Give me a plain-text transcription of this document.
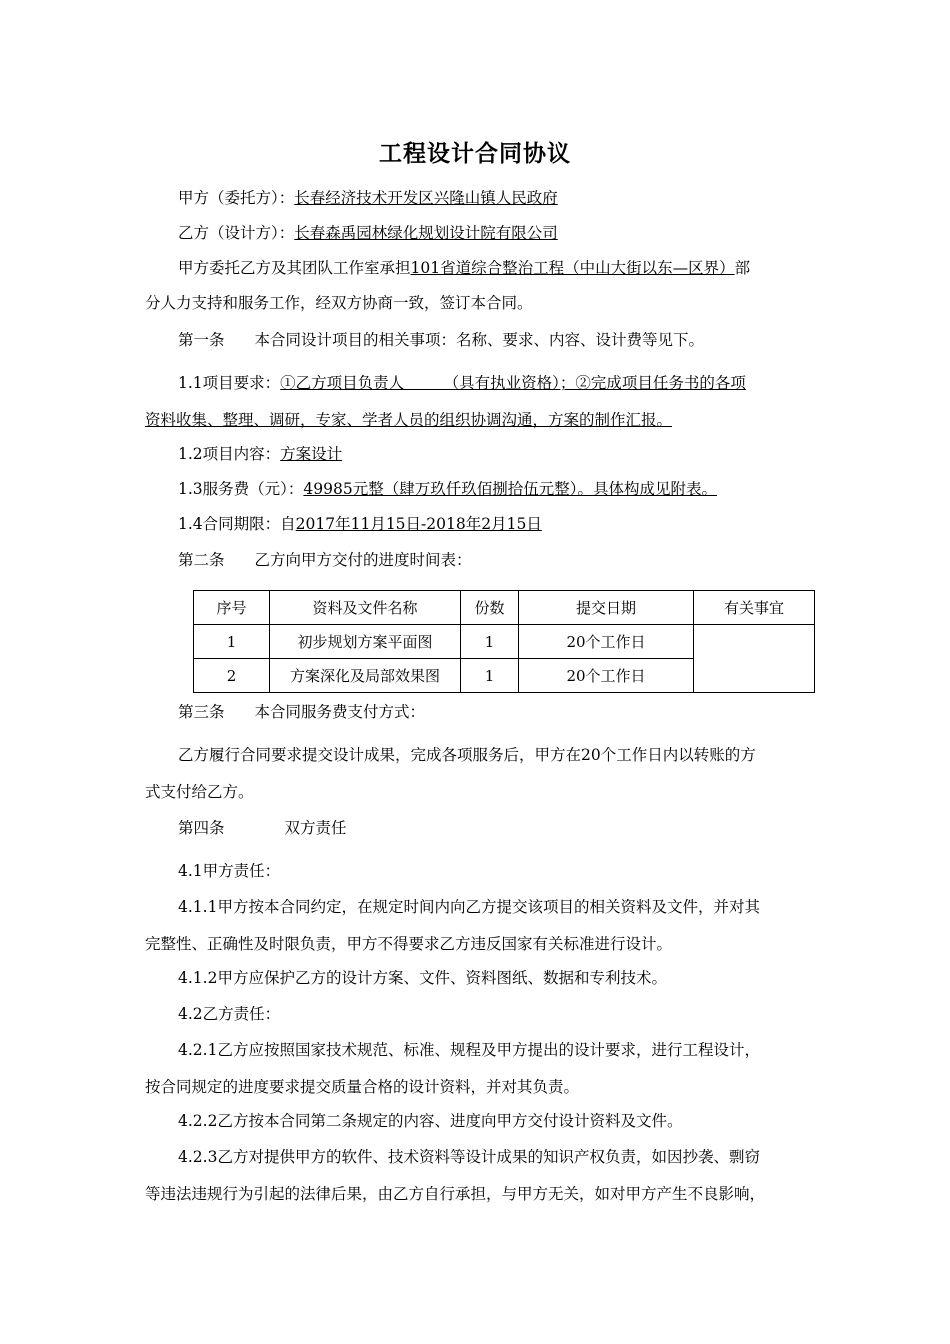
工程设计合同协议
甲方（委托方）：长春经济技术开发区兴隆山镇人民政府
乙方（设计方）：长春森禹园林绿化规划设计院有限公司
甲方委托乙方及其团队工作室承担101省道综合整治工程（中山大街以东—区界）部
分人力支持和服务工作，经双方协商一致，签订本合同。
第一条 本合同设计项目的相关事项：名称、要求、内容、设计费等见下。
1.1项目要求：①乙方项目负责人        （具有执业资格）；②完成项目任务书的各项
资料收集、整理、调研，专家、学者人员的组织协调沟通，方案的制作汇报。
1.2项目内容：方案设计
1.3服务费（元）：49985元整（肆万玖仟玖佰捌拾伍元整）。具体构成见附表。
1.4合同期限：自2017年11月15日-2018年2月15日
第二条 乙方向甲方交付的进度时间表：
序号	资料及文件名称	份数	提交日期	有关事宜
1	初步规划方案平面图	1	20个工作日	
2	方案深化及局部效果图	1	20个工作日	
第三条 本合同服务费支付方式：
乙方履行合同要求提交设计成果，完成各项服务后，甲方在20个工作日内以转账的方
式支付给乙方。
第四条	双方责任
4.1甲方责任：
4.1.1甲方按本合同约定，在规定时间内向乙方提交该项目的相关资料及文件，并对其
完整性、正确性及时限负责，甲方不得要求乙方违反国家有关标准进行设计。
4.1.2甲方应保护乙方的设计方案、文件、资料图纸、数据和专利技术。
4.2乙方责任：
4.2.1乙方应按照国家技术规范、标准、规程及甲方提出的设计要求，进行工程设计，
按合同规定的进度要求提交质量合格的设计资料，并对其负责。
4.2.2乙方按本合同第二条规定的内容、进度向甲方交付设计资料及文件。
4.2.3乙方对提供甲方的软件、技术资料等设计成果的知识产权负责，如因抄袭、剽窃
等违法违规行为引起的法律后果，由乙方自行承担，与甲方无关，如对甲方产生不良影响，
